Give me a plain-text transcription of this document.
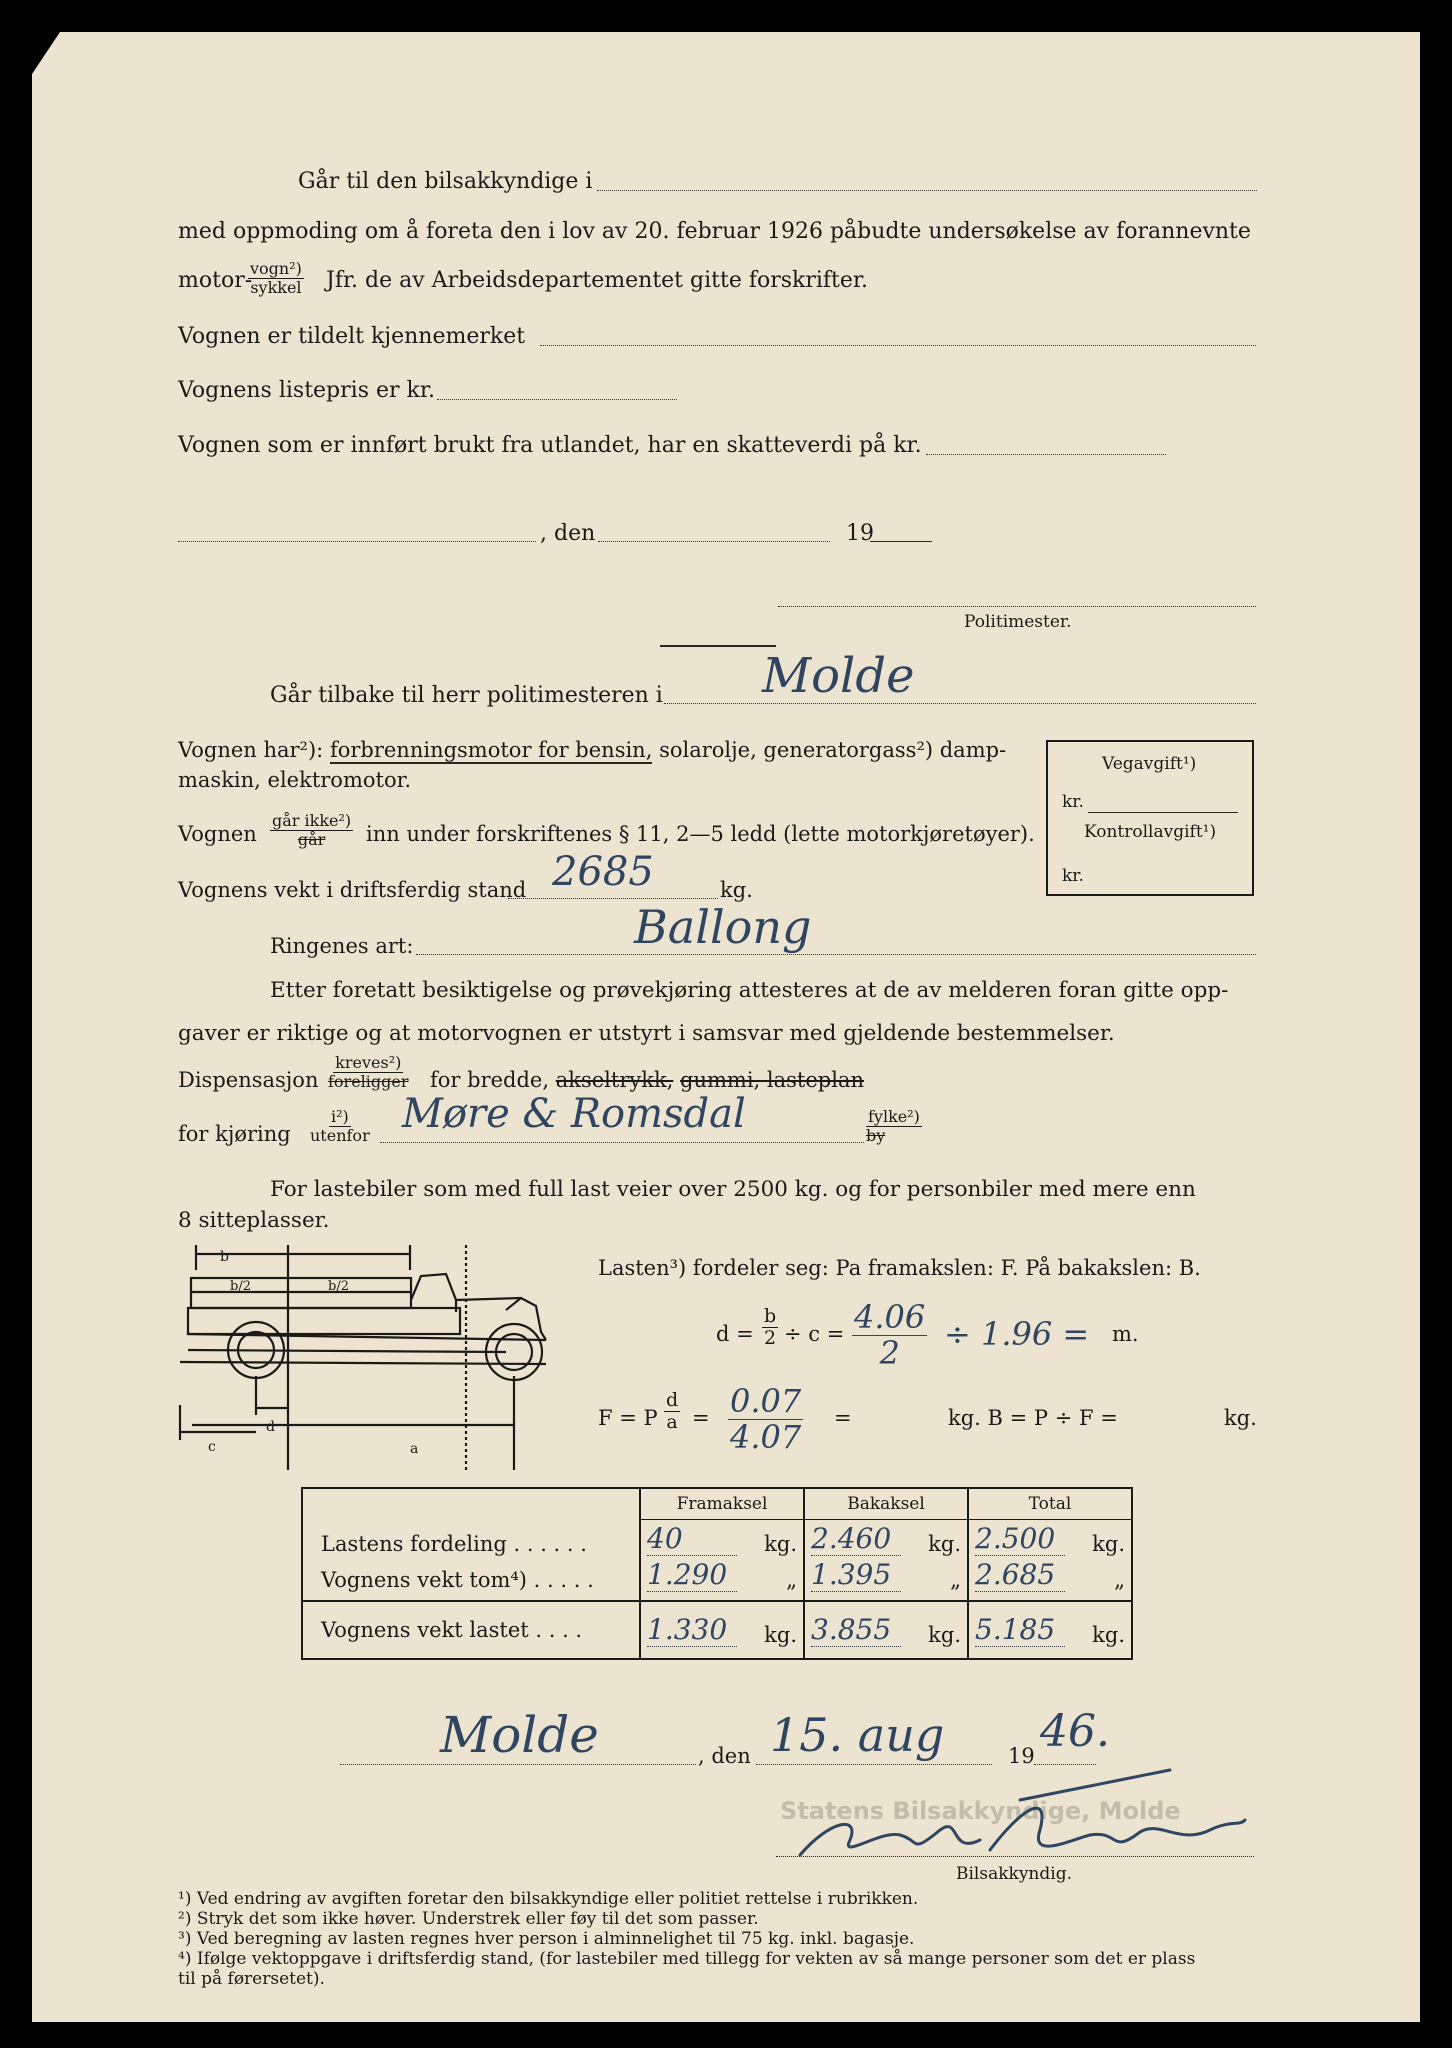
Statens Bilsakkyndige, Molde
Går til den bilsakkyndige i
med oppmoding om å foreta den i lov av 20. februar 1926 påbudte undersøkelse av forannevnte
motor-
vogn²)
sykkel Jfr. de av Arbeidsdepartementet gitte forskrifter.
Vognen er tildelt kjennemerket
Vognens listepris er kr.
Vognen som er innført brukt fra utlandet, har en skatteverdi på kr.
, den	19
Politimester.
Går tilbake til herr politimesteren i Molde
Vognen har²): forbrenningsmotor for bensin, solarolje, generatorgass²) damp-
maskin, elektromotor.
Vognen
går ikke²)
går inn under forskriftenes § 11, 2—5 ledd (lette motorkjøretøyer).
Vognens vekt i driftsferdig stand 2685	kg.
Ringenes art:	Ballong
Vegavgift¹)
kr.
Kontrollavgift¹)
kr.
Etter foretatt besiktigelse og prøvekjøring attesteres at de av melderen foran gitte opp-
gaver er riktige og at motorvognen er utstyrt i samsvar med gjeldende bestemmelser.
Dispensasjon
kreves²)
foreligger for bredde, akseltrykk, gummi, lasteplan
for kjøring
i²)
utenfor Møre & Romsdal	fylke²)
by
For lastebiler som med full last veier over 2500 kg. og for personbiler med mere enn
8 sitteplasser.
b
b/2	b/2
c
d
a
Lasten³) fordeler seg: Pa framakslen: F. På bakakslen: B.
$d = \frac{b}{2} \div c = \frac{4.06}{2} \div 1.96 = m$.
F = P $\frac{d}{a} = \frac{0.07}{4.07}$ =	kg. B = P ÷ F =	kg.
	Framaksel	Bakaksel	Total
Lastens fordeling . . . . . .	40 kg.	2.460 kg.	2.500 kg.

Vognens vekt tom⁴) . . . . .	1.290 „	1.395 „	2.685 „

Vognens vekt lastet . . . .	1.330 kg.	3.855 kg.	5.185 kg.
Molde	, den 15. aug	19 46.
Bilsakkyndig.
¹) Ved endring av avgiften foretar den bilsakkyndige eller politiet rettelse i rubrikken.
²) Stryk det som ikke høver. Understrek eller føy til det som passer.
³) Ved beregning av lasten regnes hver person i alminnelighet til 75 kg. inkl. bagasje.
⁴) Ifølge vektoppgave i driftsferdig stand, (for lastebiler med tillegg for vekten av så mange personer som det er plass
til på førersetet).
